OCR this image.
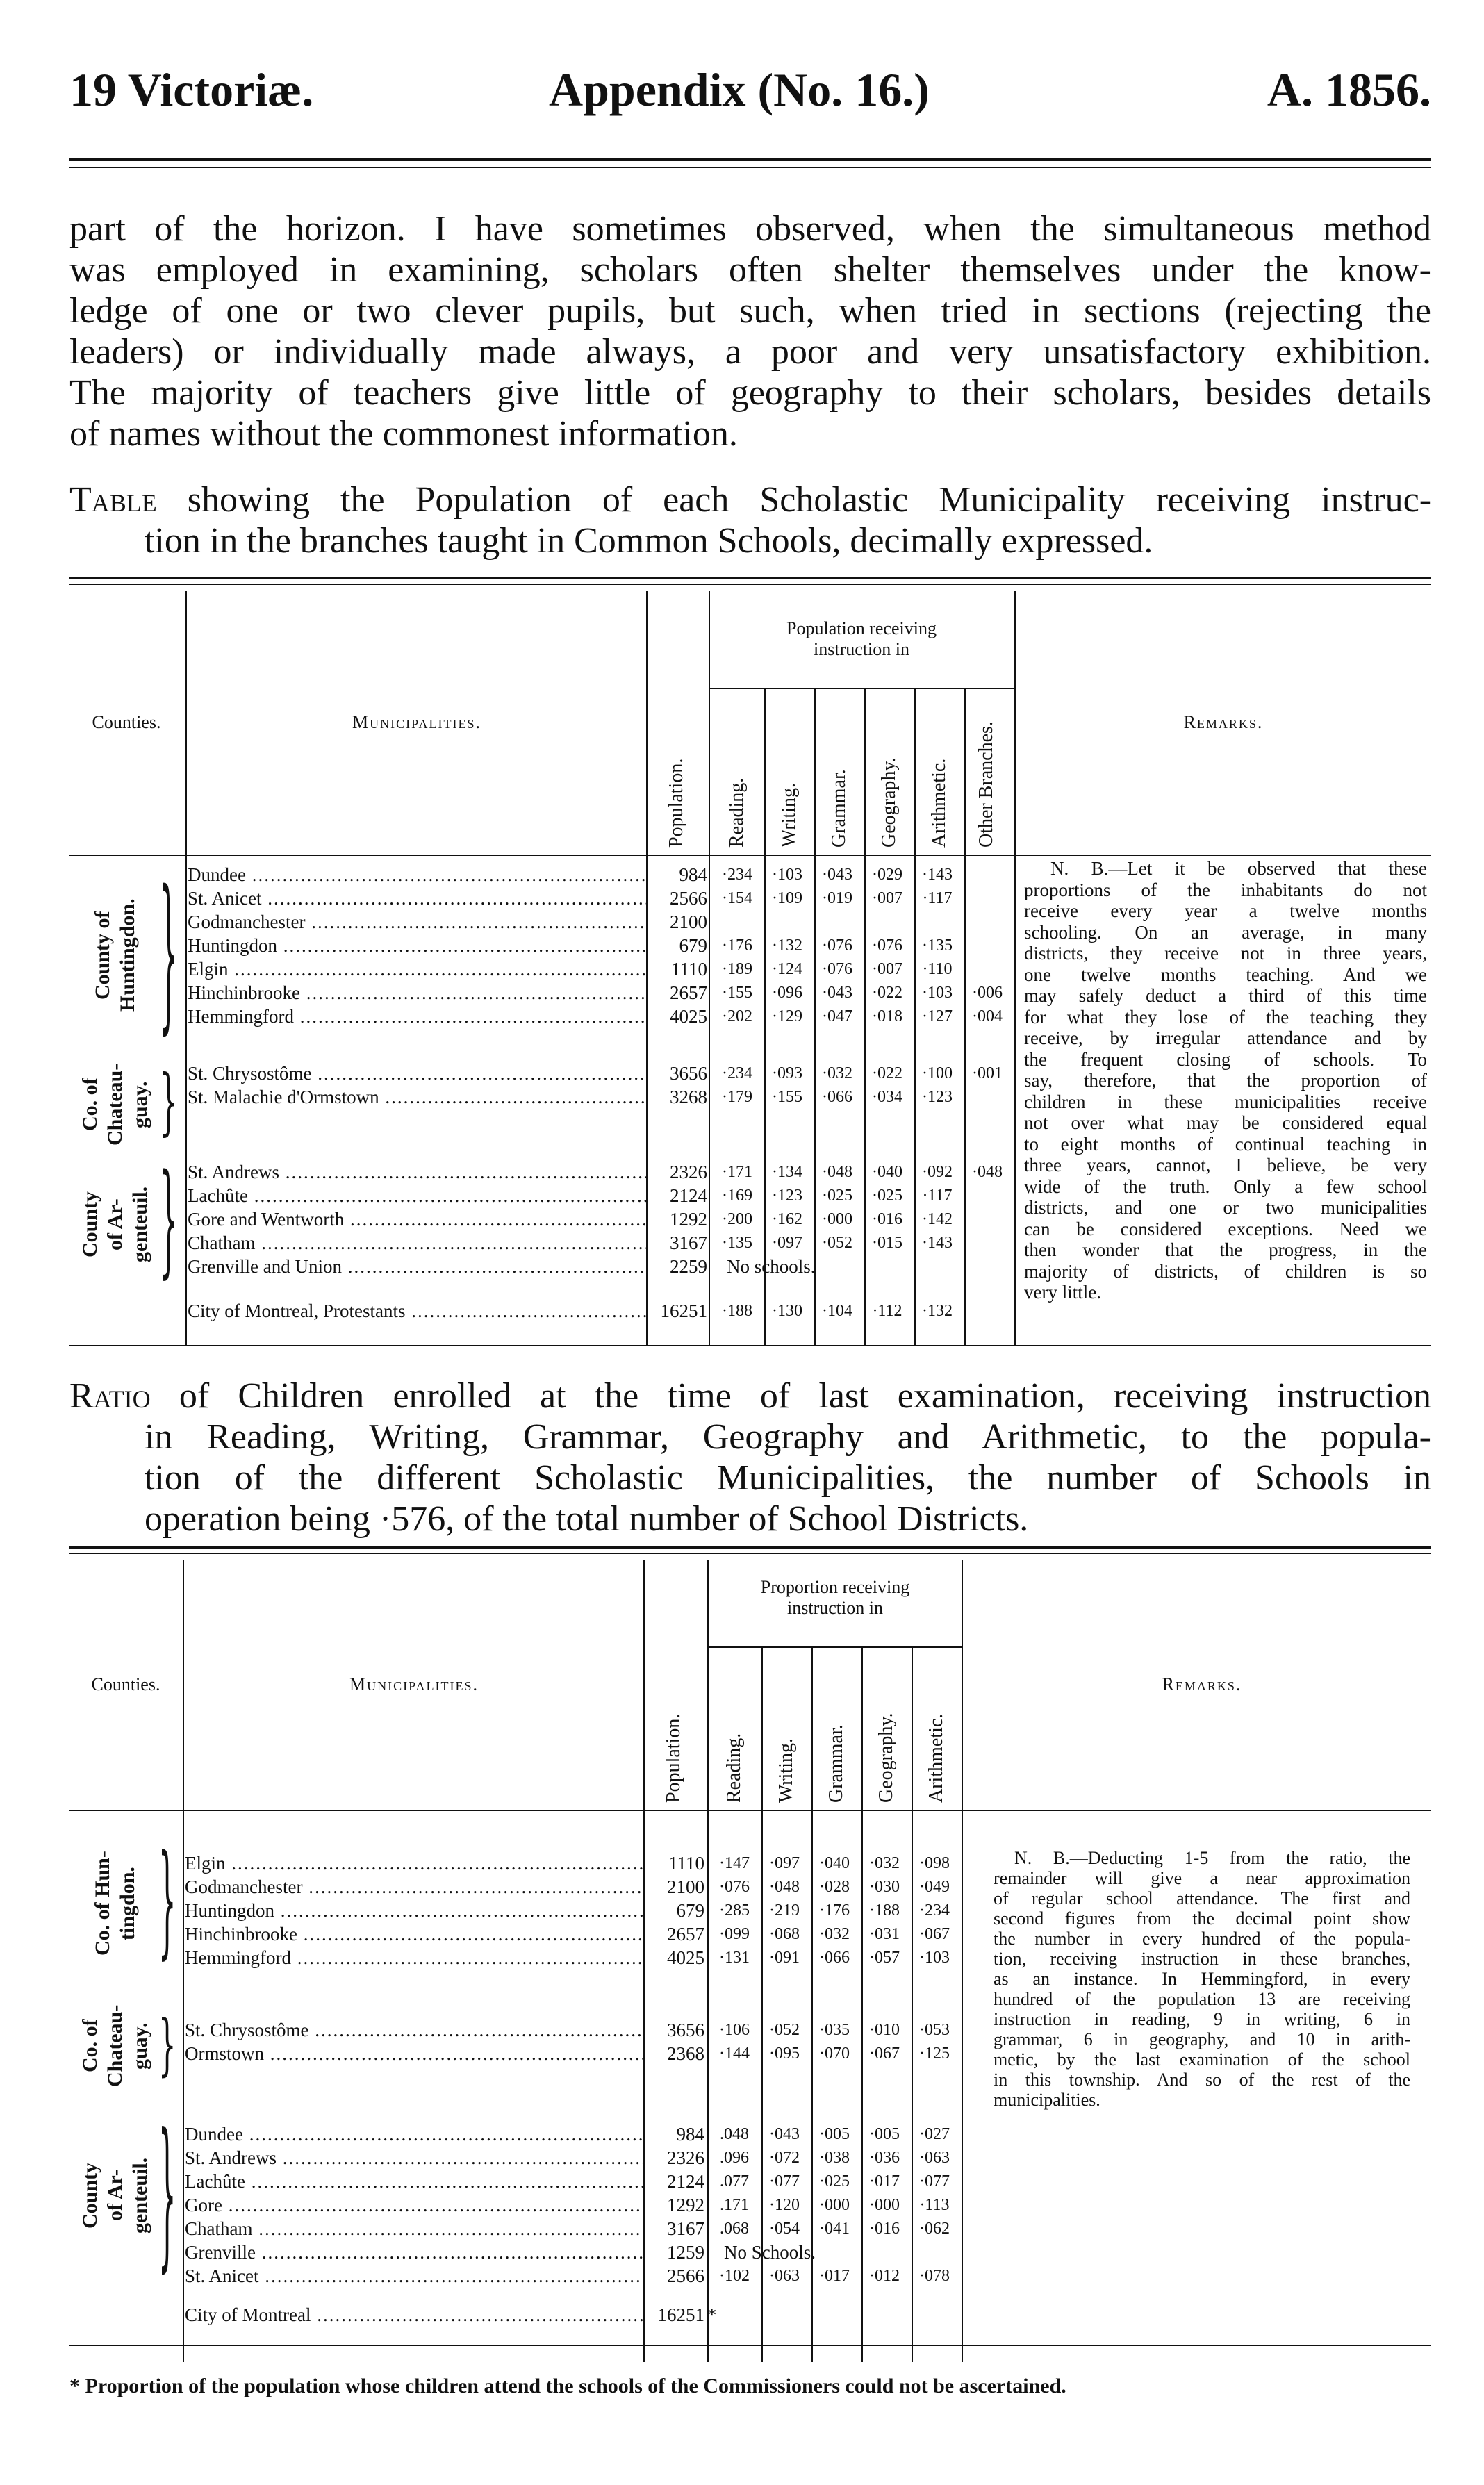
19 Victoriæ.	Appendix (No. 16.)	A. 1856.
part of the horizon. I have sometimes observed, when the simultaneous method
was employed in examining, scholars often shelter themselves under the know-
ledge of one or two clever pupils, but such, when tried in sections (rejecting the
leaders) or individually made always, a poor and very unsatisfactory exhibition.
The majority of teachers give little of geography to their scholars, besides details
of names without the commonest information.
Table showing the Population of each Scholastic Municipality receiving instruc-
tion in the branches taught in Common Schools, decimally expressed.
Counties.	Municipalities.
Population receiving
instruction in
Population. Reading. Writing. Grammar. Geography. Arithmetic. Other Branches.	Remarks.
County of Huntingdon. }
Co. of Chateau- guay. }
County of Ar- genteuil. }
Dundee .....	984 ·234	·103	·043	·029	·143
St. Anicet .....	2566 ·154	·109	·019	·007	·117
Godmanchester .....	2100
Huntingdon .....	679 ·176	·132	·076	·076	·135
Elgin .....	1110 ·189	·124	·076	·007	·110
Hinchinbrooke .....	2657 ·155	·096	·043	·022	·103	·006
Hemmingford .....	4025 ·202	·129	·047	·018	·127	·004
St. Chrysostôme .....	3656 ·234	·093	·032	·022	·100	·001
St. Malachie d'Ormstown .....	3268 ·179	·155	·066	·034	·123
St. Andrews .....	2326 ·171	·134	·048	·040	·092	·048
Lachûte .....	2124 ·169	·123	·025	·025	·117
Gore and Wentworth .....	1292 ·200	·162	·000	·016	·142
Chatham .....	3167 ·135	·097	·052	·015	·143
Grenville and Union .....	2259 No schools.
City of Montreal, Protestants .....	16251 ·188	·130	·104	·112	·132
N. B.—Let it be observed that these
proportions of the inhabitants do not
receive every year a twelve months
schooling. On an average, in many
districts, they receive not in three years,
one twelve months teaching. And we
may safely deduct a third of this time
for what they lose of the teaching they
receive, by irregular attendance and by
the frequent closing of schools. To
say, therefore, that the proportion of
children in these municipalities receive
not over what may be considered equal
to eight months of continual teaching in
three years, cannot, I believe, be very
wide of the truth. Only a few school
districts, and one or two municipalities
can be considered exceptions. Need we
then wonder that the progress, in the
majority of districts, of children is so
very little.
Ratio of Children enrolled at the time of last examination, receiving instruction
in Reading, Writing, Grammar, Geography and Arithmetic, to the popula-
tion of the different Scholastic Municipalities, the number of Schools in
operation being ·576, of the total number of School Districts.
Counties.	Municipalities.
Proportion receiving
instruction in
Population. Reading. Writing. Grammar. Geography. Arithmetic.
Remarks.
Co. of Hun- tingdon. }
Co. of Chateau- guay. }
County of Ar- genteuil. }
Elgin .....	1110 ·147	·097	·040	·032	·098
Godmanchester .....	2100 ·076	·048	·028	·030	·049
Huntingdon .....	679 ·285	·219	·176	·188	·234
Hinchinbrooke .....	2657 ·099	·068	·032	·031	·067
Hemmingford .....	4025 ·131	·091	·066	·057	·103
St. Chrysostôme .....	3656 ·106	·052	·035	·010	·053
Ormstown .....	2368 ·144	·095	·070	·067	·125
Dundee .....	984 .048	·043	·005	·005	·027
St. Andrews .....	2326 .096	·072	·038	·036	·063
Lachûte .....	2124 .077	·077	·025	·017	·077
Gore .....	1292 .171	·120	·000	·000	·113
Chatham .....	3167 .068	·054	·041	·016	·062
Grenville .....	1259 No Schools.
St. Anicet .....	2566 ·102	·063	·017	·012	·078
City of Montreal .....	16251 *
N. B.—Deducting 1-5 from the ratio, the
remainder will give a near approximation
of regular school attendance. The first and
second figures from the decimal point show
the number in every hundred of the popula-
tion, receiving instruction in these branches,
as an instance. In Hemmingford, in every
hundred of the population 13 are receiving
instruction in reading, 9 in writing, 6 in
grammar, 6 in geography, and 10 in arith-
metic, by the last examination of the school
in this township. And so of the rest of the
municipalities.
* Proportion of the population whose children attend the schools of the Commissioners could not be ascertained.
